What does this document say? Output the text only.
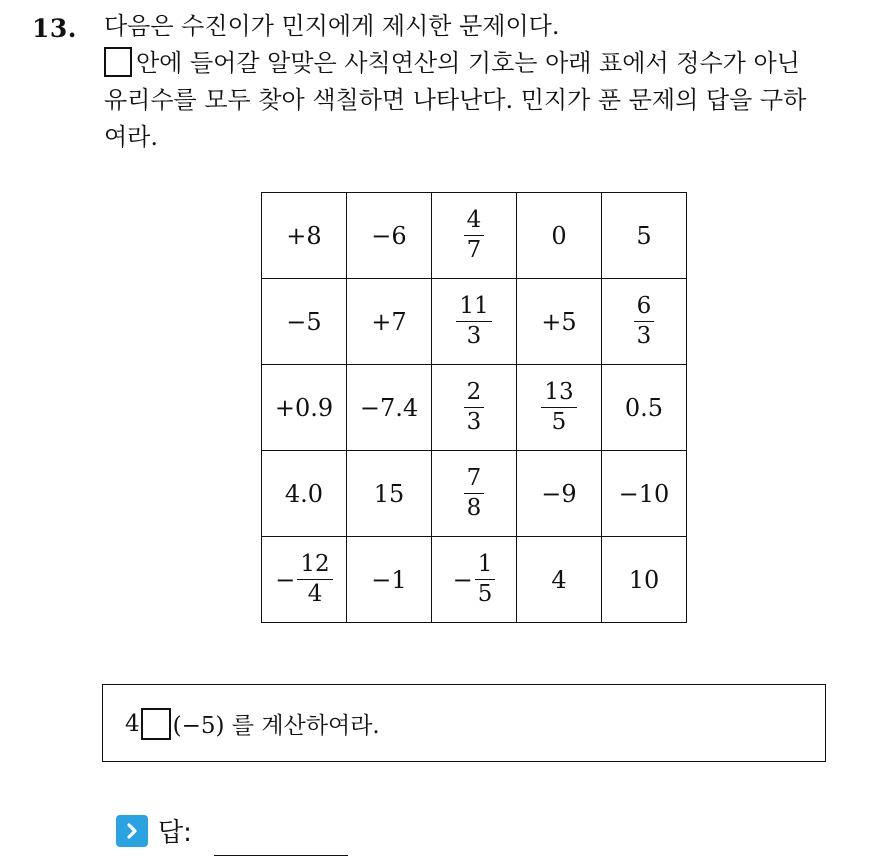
13. 다음은 수진이가 민지에게 제시한 문제이다.

안에 들어갈 알맞은 사칙연산의 기호는 아래 표에서 정수가 아닌

유리수를 모두 찾아 색칠하면 나타난다. 민지가 푼 문제의 답을 구하

여라.

+8	−6	$\frac{4}{7}$	0	5
−5	+7	$\frac{11}{3}$	+5	$\frac{6}{3}$

+0.9	−7.4	$\frac{2}{3}$	$\frac{13}{5}$	0.5
4.0	15	$\frac{7}{8}$	−9	−10
− $\frac{12}{4}$	−1	− $\frac{1}{5}$	4	10
4 (−5) 를 계산하여라.
답:
